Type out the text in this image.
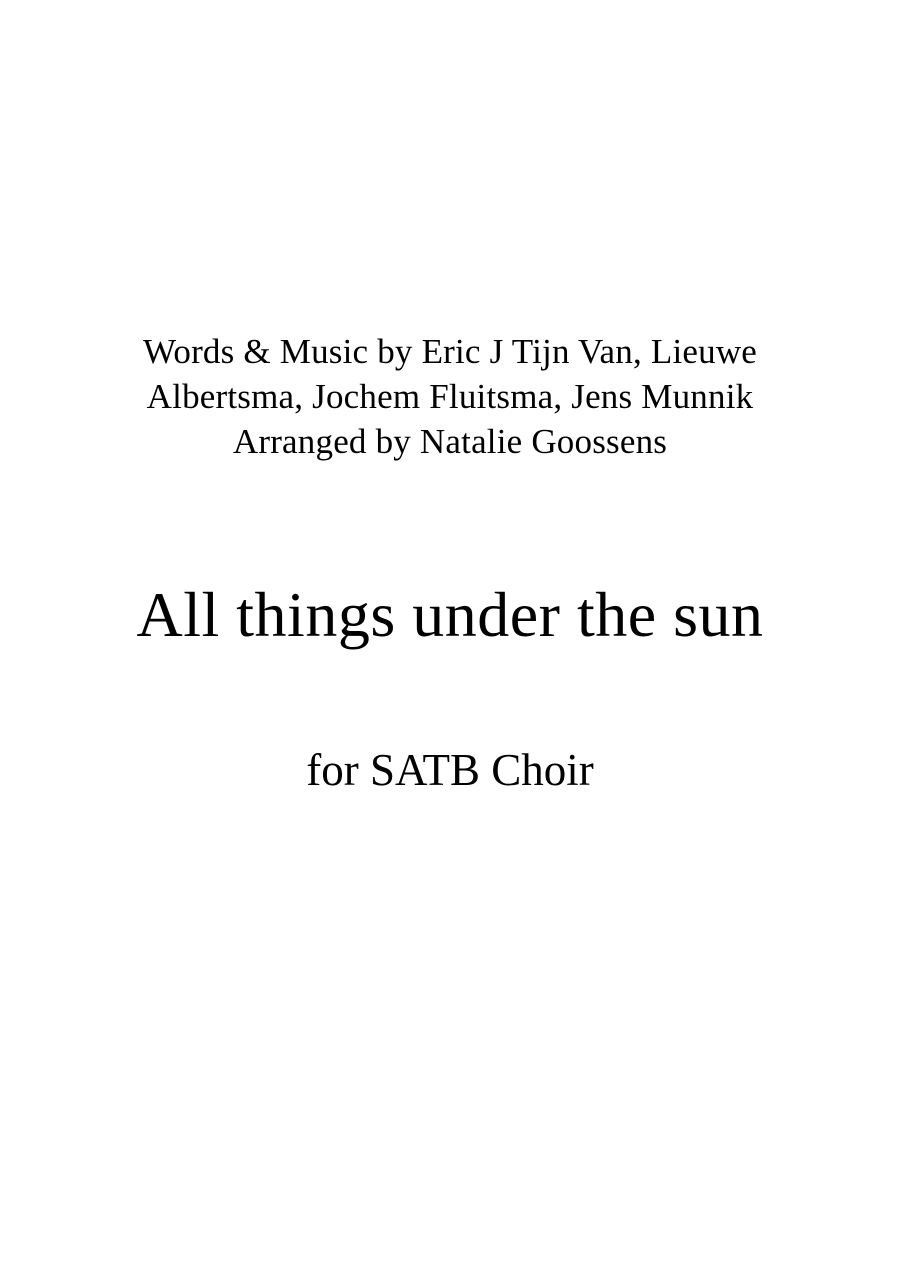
Words & Music by Eric J Tijn Van, Lieuwe
Albertsma, Jochem Fluitsma, Jens Munnik
Arranged by Natalie Goossens
All things under the sun
for SATB Choir
